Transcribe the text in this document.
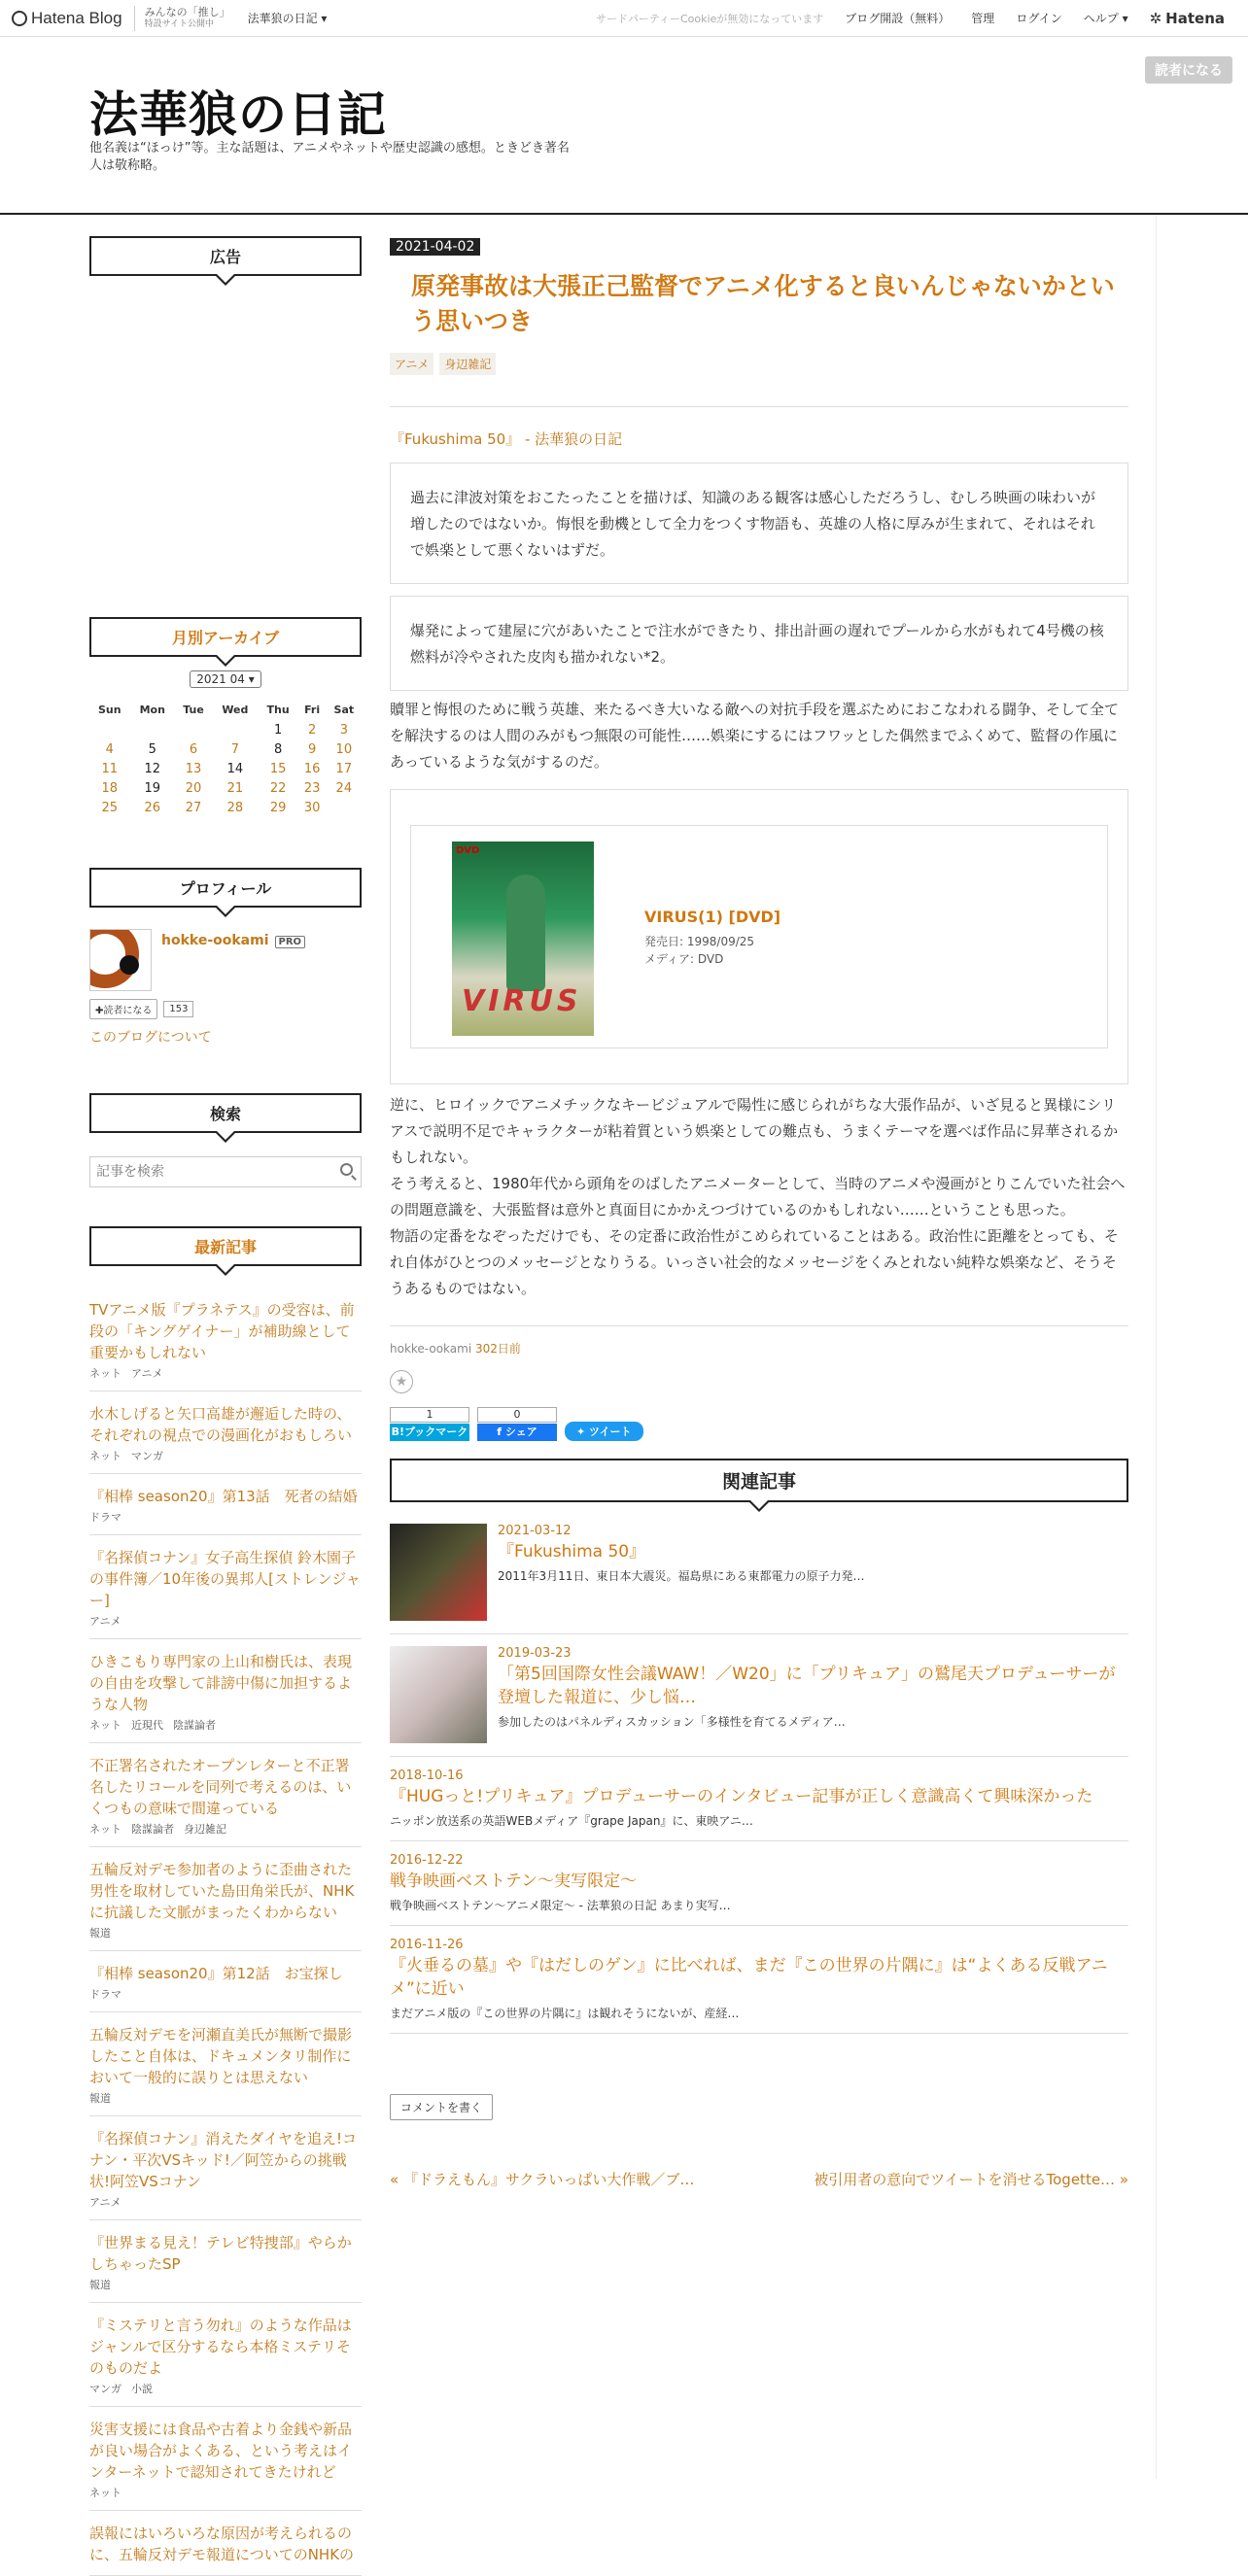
Hatena Blog みんなの「推し」
特設サイト公開中	法華狼の日記 ▾	サードパーティーCookieが無効になっています ブログ開設（無料） 管理 ログイン ヘルプ ▾ ✲ Hatena
法華狼の日記
他名義は“ほっけ”等。主な話題は、アニメやネットや歴史認識の感想。ときどき著名人は敬称略。
読者になる
広告
月別アーカイブ
2021 04 ▾
Sun	Mon	Tue	Wed	Thu	Fri	Sat
				1	2	3
4	5	6	7	8	9	10
11	12	13	14	15	16	17
18	19	20	21	22	23	24
25	26	27	28	29	30	
プロフィール
hokke-ookami PRO
✚読者になる	153
このブログについて
検索
記事を検索
最新記事
TVアニメ版『プラネテス』の受容は、前段の「キングゲイナー」が補助線として重要かもしれない
ネット アニメ
水木しげると矢口高雄が邂逅した時の、それぞれの視点での漫画化がおもしろい
ネット マンガ
『相棒 season20』第13話　死者の結婚
ドラマ
『名探偵コナン』女子高生探偵 鈴木園子の事件簿／10年後の異邦人[ストレンジャー]
アニメ
ひきこもり専門家の上山和樹氏は、表現の自由を攻撃して誹謗中傷に加担するような人物
ネット 近現代 陰謀論者
不正署名されたオープンレターと不正署名したリコールを同列で考えるのは、いくつもの意味で間違っている
ネット 陰謀論者 身辺雑記
五輪反対デモ参加者のように歪曲された男性を取材していた島田角栄氏が、NHKに抗議した文脈がまったくわからない
報道
『相棒 season20』第12話　お宝探し
ドラマ
五輪反対デモを河瀬直美氏が無断で撮影したこと自体は、ドキュメンタリ制作において一般的に誤りとは思えない
報道
『名探偵コナン』消えたダイヤを追え!コナン・平次VSキッド!／阿笠からの挑戦状!阿笠VSコナン
アニメ
『世界まる見え！テレビ特捜部』やらかしちゃったSP
報道
『ミステリと言う勿れ』のような作品はジャンルで区分するなら本格ミステリそのものだよ
マンガ 小説
災害支援には食品や古着より金銭や新品が良い場合がよくある、という考えはインターネットで認知されてきたけれど
ネット
誤報にはいろいろな原因が考えられるのに、五輪反対デモ報道についてのNHKの
2021-04-02
原発事故は大張正己監督でアニメ化すると良いんじゃないかという思いつき
アニメ	身辺雑記
『Fukushima 50』 - 法華狼の日記
過去に津波対策をおこたったことを描けば、知識のある観客は感心しただろうし、むしろ映画の味わいが増したのではないか。悔恨を動機として全力をつくす物語も、英雄の人格に厚みが生まれて、それはそれで娯楽として悪くないはずだ。
爆発によって建屋に穴があいたことで注水ができたり、排出計画の遅れでプールから水がもれて4号機の核燃料が冷やされた皮肉も描かれない*2。
贖罪と悔恨のために戦う英雄、来たるべき大いなる敵への対抗手段を選ぶためにおこなわれる闘争、そして全てを解決するのは人間のみがもつ無限の可能性……娯楽にするにはフワッとした偶然までふくめて、監督の作風にあっているような気がするのだ。
DVD
VIRUS
VIRUS(1) [DVD]
発売日: 1998/09/25
メディア: DVD
逆に、ヒロイックでアニメチックなキービジュアルで陽性に感じられがちな大張作品が、いざ見ると異様にシリアスで説明不足でキャラクターが粘着質という娯楽としての難点も、うまくテーマを選べば作品に昇華されるかもしれない。
そう考えると、1980年代から頭角をのばしたアニメーターとして、当時のアニメや漫画がとりこんでいた社会への問題意識を、大張監督は意外と真面目にかかえつづけているのかもしれない……ということも思った。
物語の定番をなぞっただけでも、その定番に政治性がこめられていることはある。政治性に距離をとっても、それ自体がひとつのメッセージとなりうる。いっさい社会的なメッセージをくみとれない純粋な娯楽など、そうそうあるものではない。
hokke-ookami 302日前
★
1
B!ブックマーク
0
f シェア	✦ ツイート
関連記事
2021-03-12
『Fukushima 50』
2011年3月11日、東日本大震災。福島県にある東都電力の原子力発…
2019-03-23
「第5回国際女性会議WAW！／W20」に「プリキュア」の鷲尾天プロデューサーが登壇した報道に、少し悩…
参加したのはパネルディスカッション「多様性を育てるメディア…
2018-10-16
『HUGっと!プリキュア』プロデューサーのインタビュー記事が正しく意識高くて興味深かった
ニッポン放送系の英語WEBメディア『grape Japan』に、東映アニ…
2016-12-22
戦争映画ベストテン〜実写限定〜
戦争映画ベストテン〜アニメ限定〜 - 法華狼の日記 あまり実写…
2016-11-26
『火垂るの墓』や『はだしのゲン』に比べれば、まだ『この世界の片隅に』は“よくある反戦アニメ”に近い
まだアニメ版の『この世界の片隅に』は観れそうにないが、産経…
コメントを書く
« 『ドラえもん』サクラいっぱい大作戦／ブ…	被引用者の意向でツイートを消せるTogette… »
